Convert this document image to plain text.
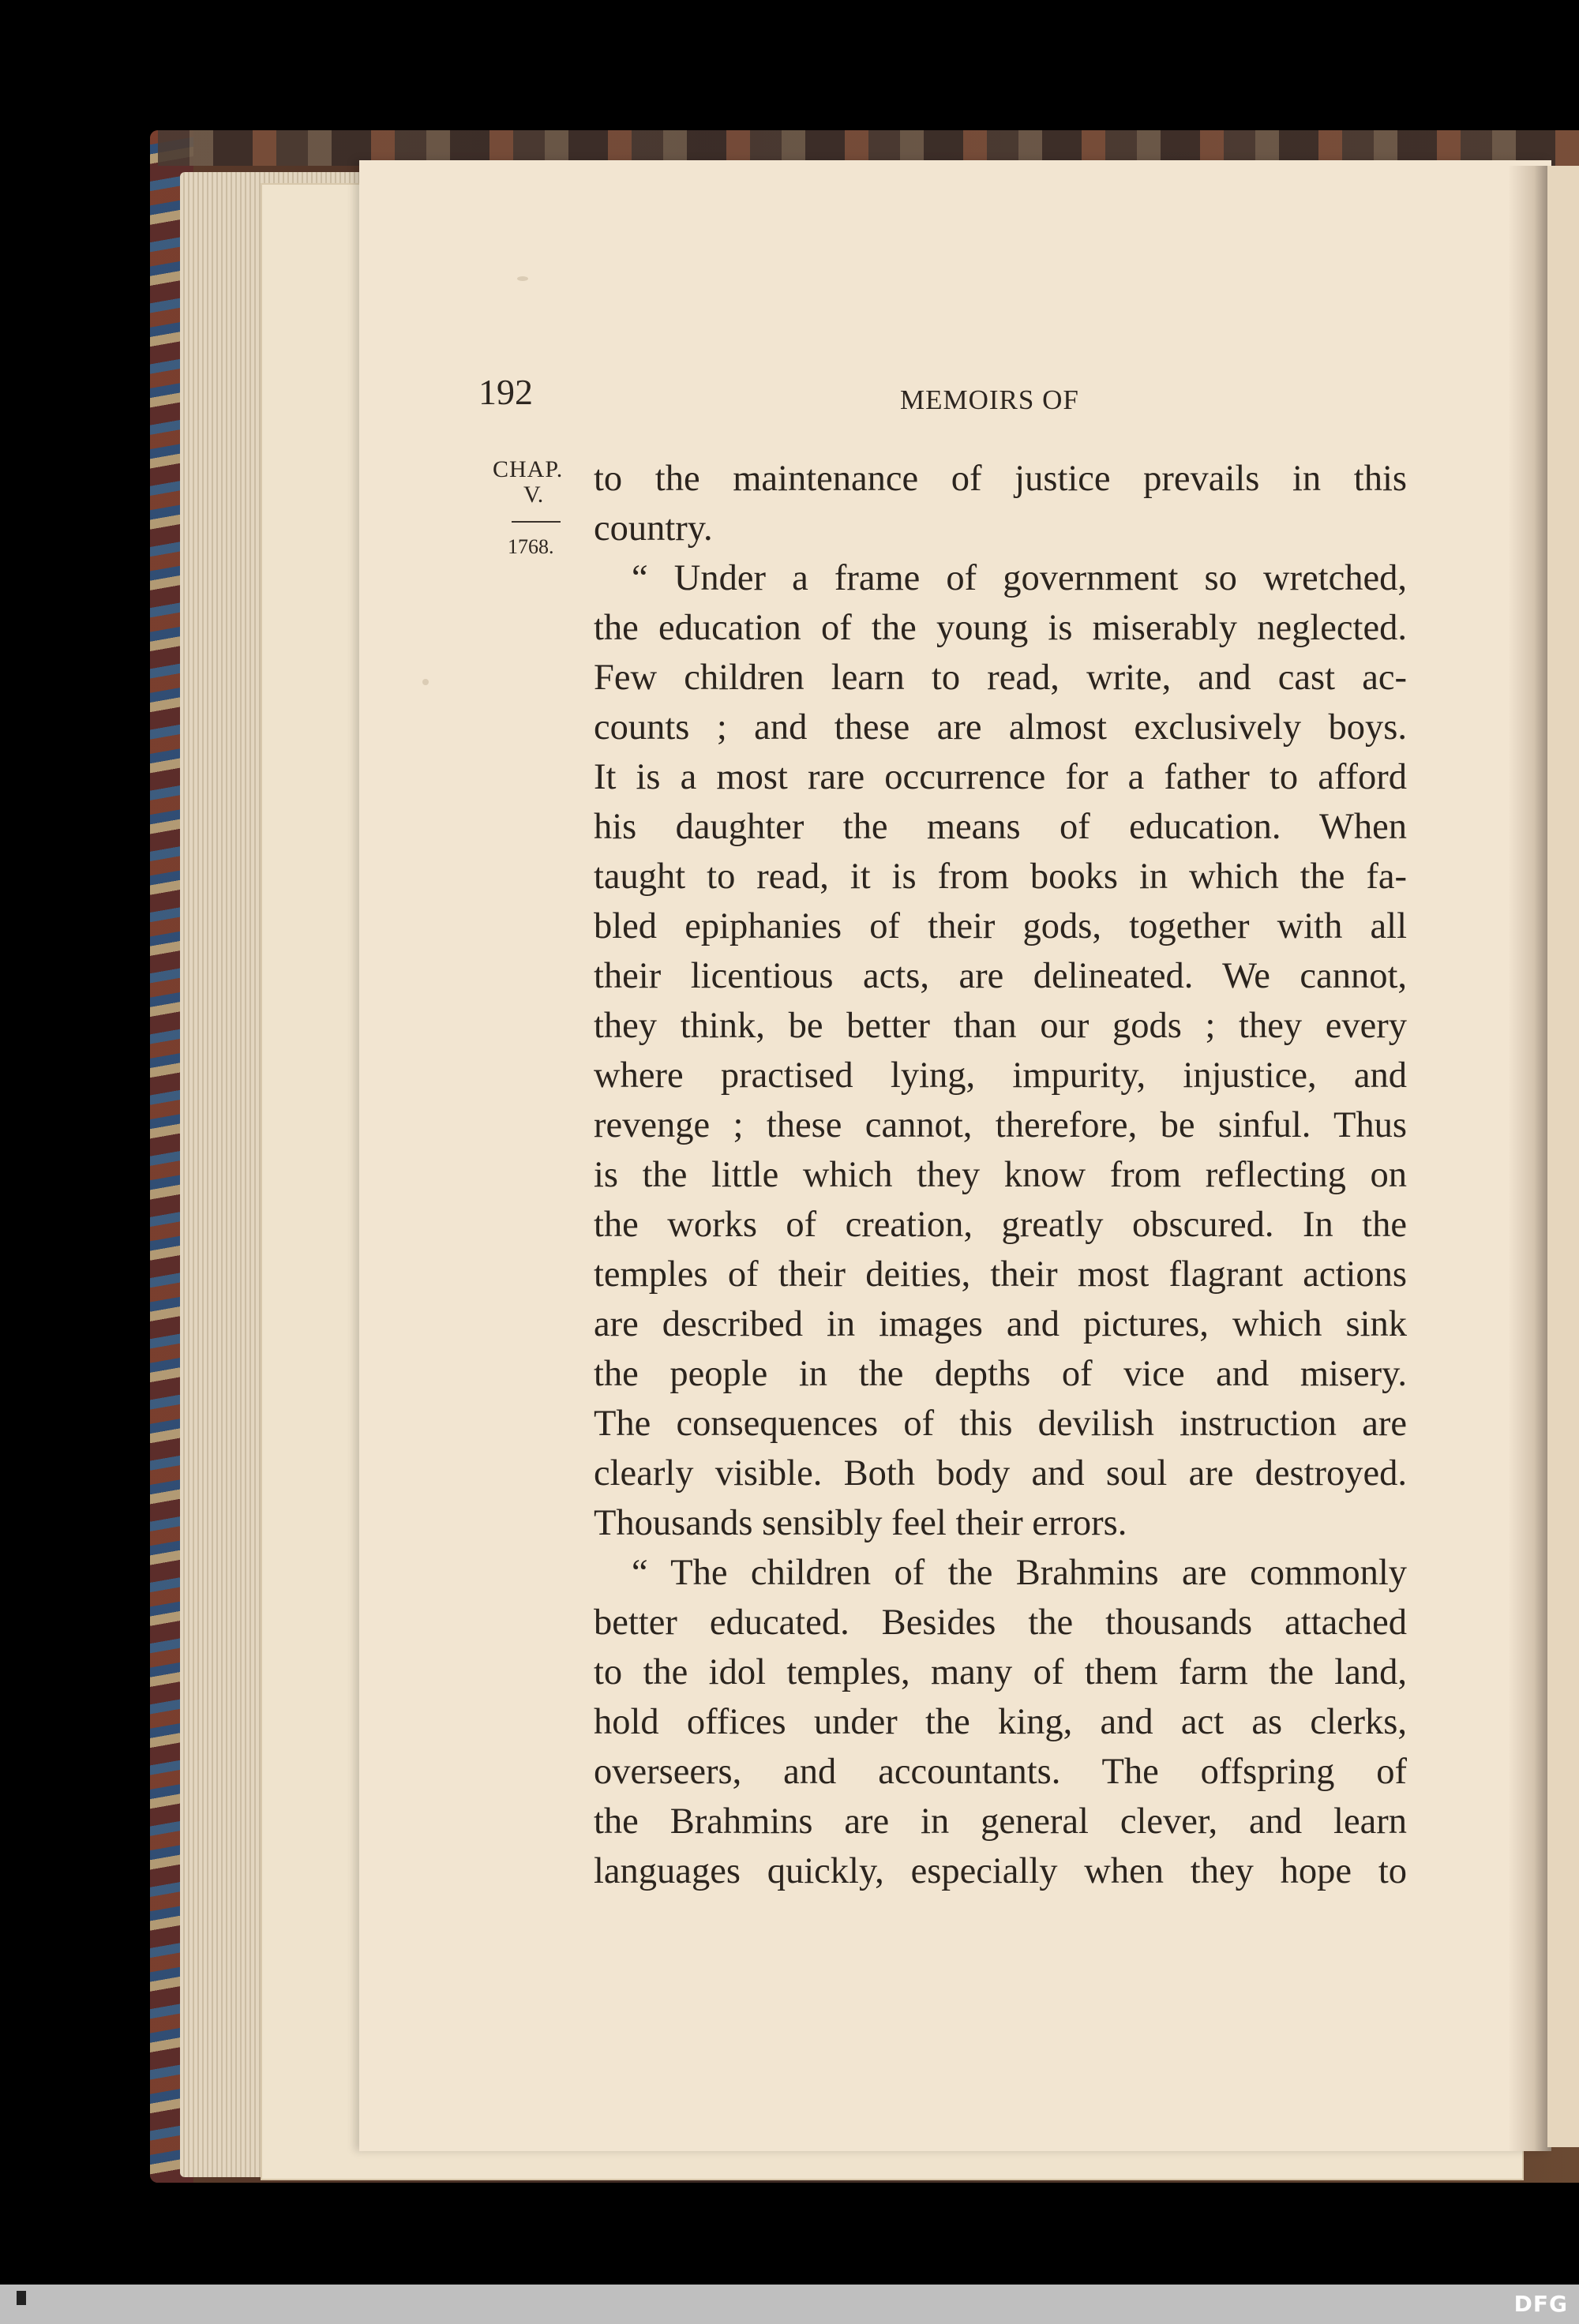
192	MEMOIRS OF
CHAP.
V.
1768.
to the maintenance of justice prevails in this
country.
“ Under a frame of government so wretched,
the education of the young is miserably neglected.
Few children learn to read, write, and cast ac-
counts ; and these are almost exclusively boys.
It is a most rare occurrence for a father to afford
his daughter the means of education. When
taught to read, it is from books in which the fa-
bled epiphanies of their gods, together with all
their licentious acts, are delineated. We cannot,
they think, be better than our gods ; they every
where practised lying, impurity, injustice, and
revenge ; these cannot, therefore, be sinful. Thus
is the little which they know from reflecting on
the works of creation, greatly obscured. In the
temples of their deities, their most flagrant actions
are described in images and pictures, which sink
the people in the depths of vice and misery.
The consequences of this devilish instruction are
clearly visible. Both body and soul are destroyed.
Thousands sensibly feel their errors.
“ The children of the Brahmins are commonly
better educated. Besides the thousands attached
to the idol temples, many of them farm the land,
hold offices under the king, and act as clerks,
overseers, and accountants. The offspring of
the Brahmins are in general clever, and learn
languages quickly, especially when they hope to
DFG
